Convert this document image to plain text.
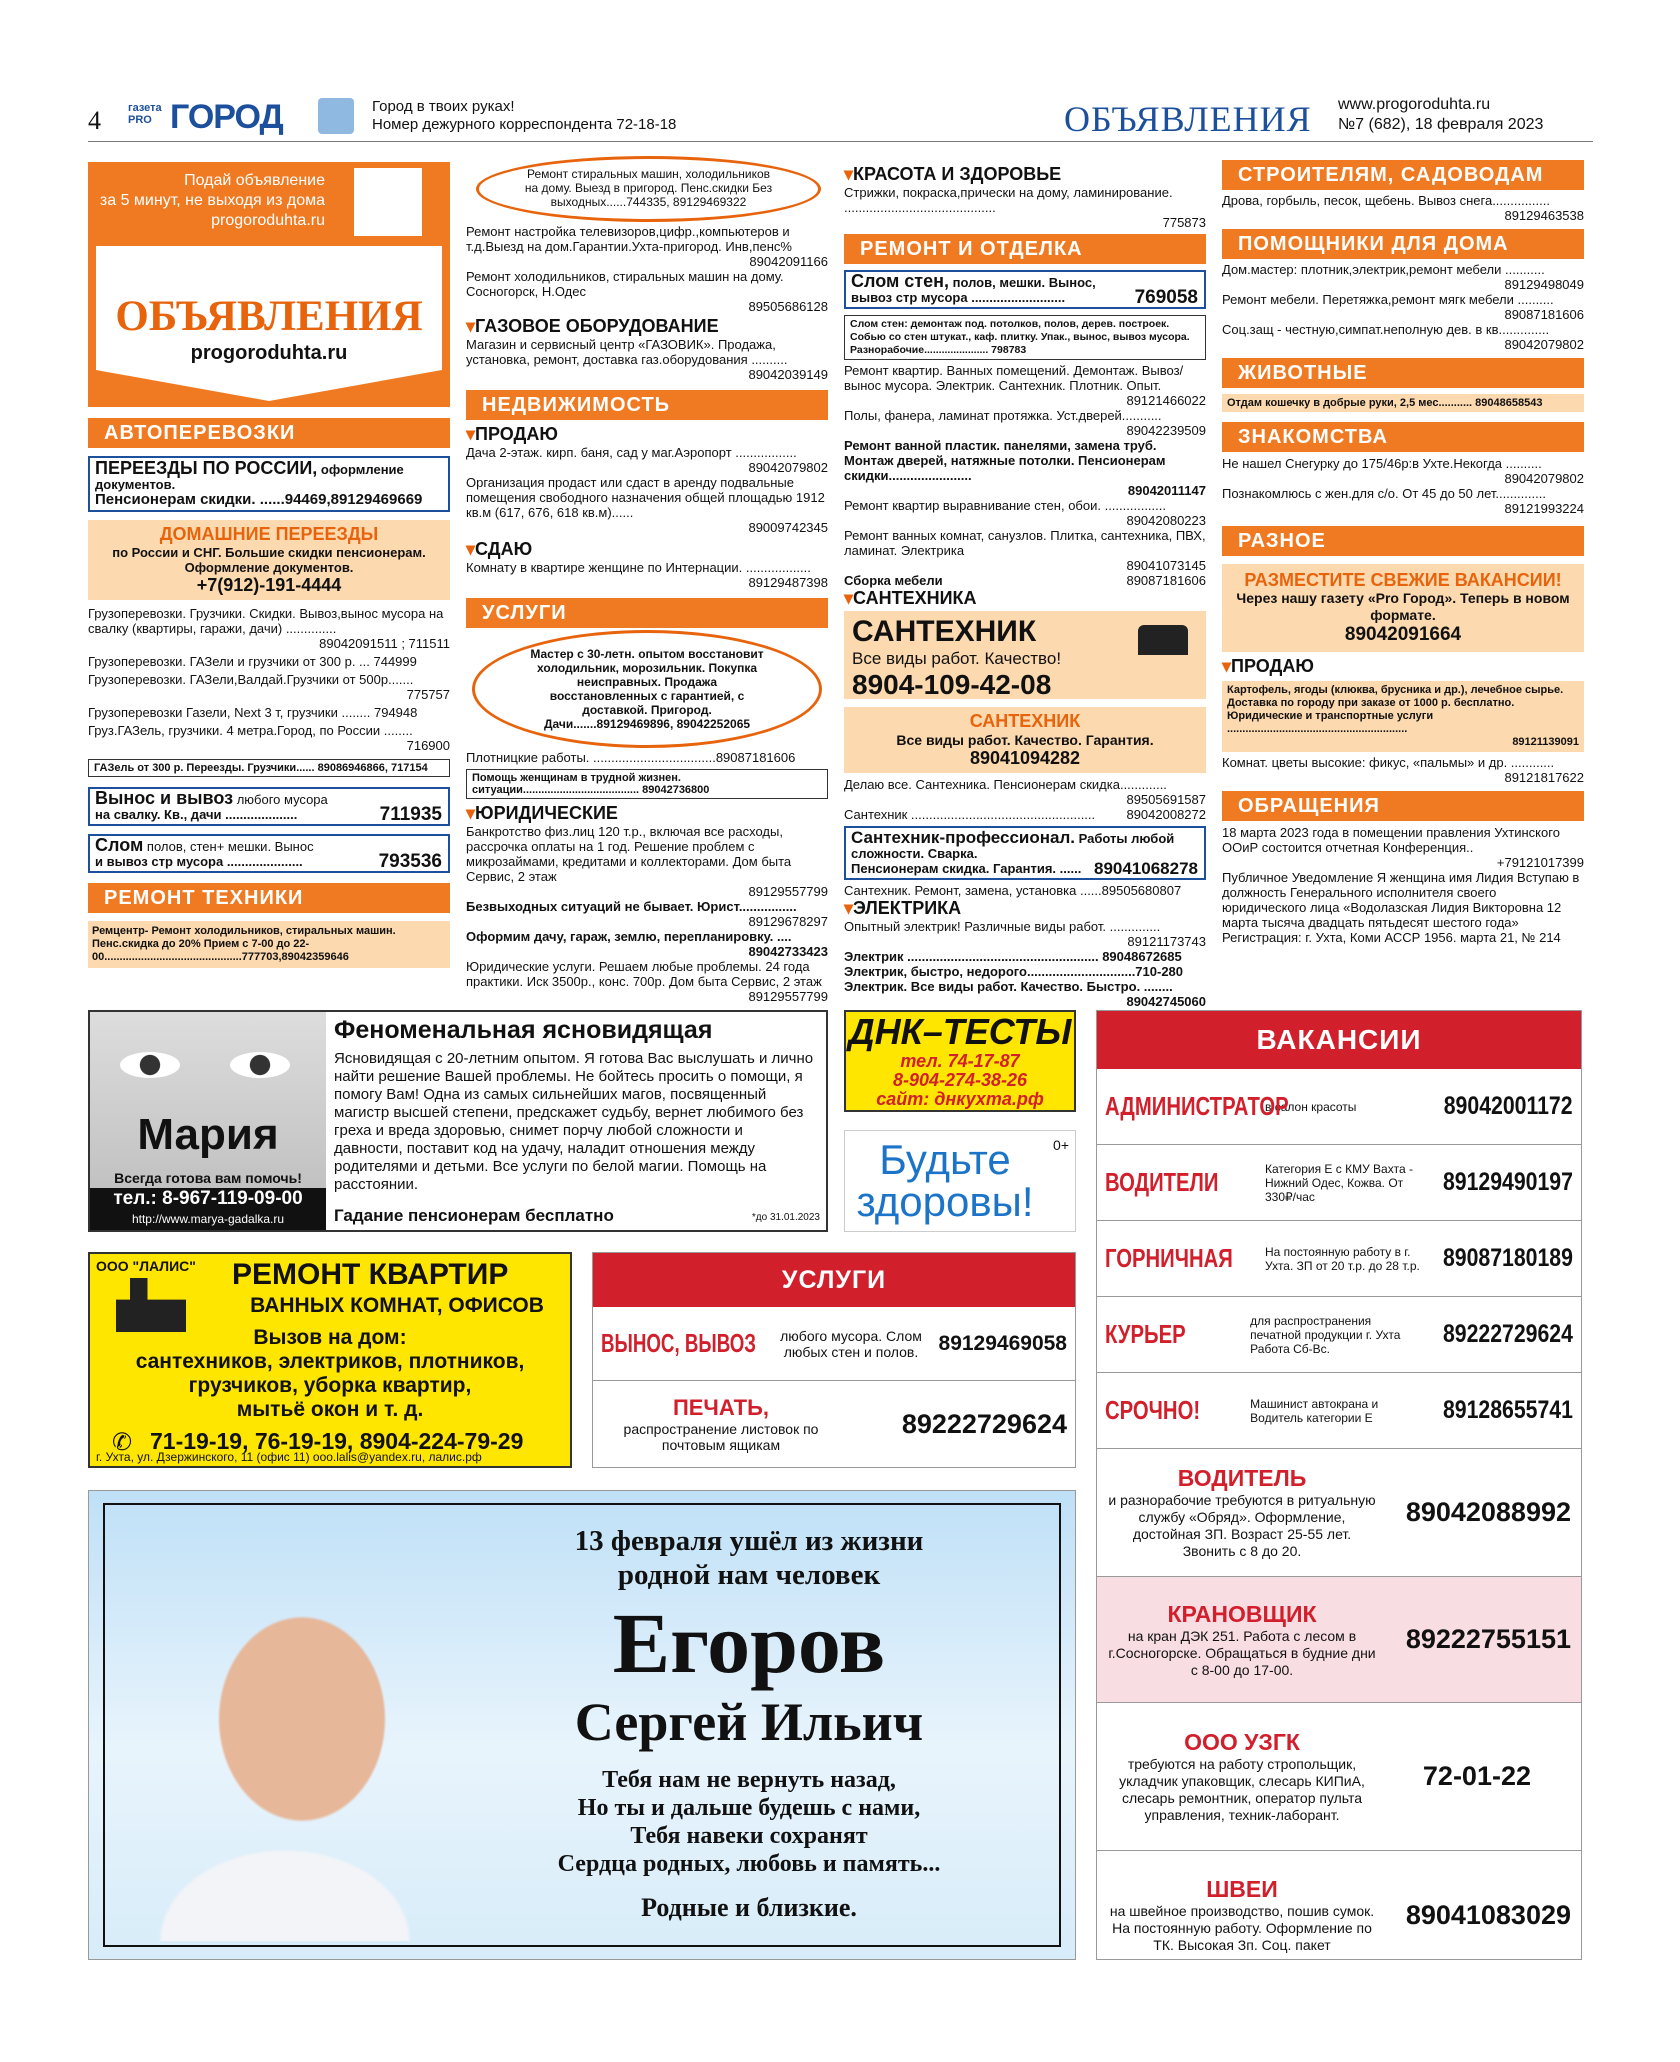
4 газета PRO ГОРОД	Город в твоих руках!
Номер дежурного корреспондента 72-18-18	ОБЪЯВЛЕНИЯ www.progoroduhta.ru
№7 (682), 18 февраля 2023
Подай объявление
за 5 минут, не выходя из дома
progoroduhta.ru
ОБЪЯВЛЕНИЯ
progoroduhta.ru
АВТОПЕРЕВОЗКИ
ПЕРЕЕЗДЫ ПО РОССИИ, оформление документов.
Пенсионерам скидки. ......94469,89129469669
ДОМАШНИЕ ПЕРЕЕЗДЫ
по России и СНГ. Большие скидки пенсионерам. Оформление документов.
+7(912)-191-4444
Грузоперевозки. Грузчики. Скидки. Вывоз,вынос мусора на свалку (квартиры, гаражи, дачи) ..............
89042091511 ; 711511
Грузоперевозки. ГАЗели и грузчики от 300 р. ... 744999
Грузоперевозки. ГАЗели,Валдай.Грузчики от 500р.......
775757
Грузоперевозки Газели, Next 3 т, грузчики ........ 794948
Груз.ГАЗель, грузчики. 4 метра.Город, по России ........
716900
ГАЗель от 300 р. Переезды. Грузчики...... 89086946866, 717154
Вынос и вывоз любого мусора
на свалку. Кв., дачи ....................	711935
Слом полов, стен+ мешки. Вынос
и вывоз стр мусора .....................	793536
РЕМОНТ ТЕХНИКИ
Ремцентр- Ремонт холодильников, стиральных машин. Пенс.скидка до 20% Прием с 7-00 до 22-00.............................................777703,89042359646
Ремонт стиральных машин, холодильников на дому. Выезд в пригород. Пенс.скидки Без выходных......744335, 89129469322
Ремонт настройка телевизоров,цифр.,компьютеров и т.д.Выезд на дом.Гарантии.Ухта-пригород. Инв,пенс%
89042091166
Ремонт холодильников, стиральных машин на дому. Сосногорск, Н.Одес
89505686128
▾ ГАЗОВОЕ ОБОРУДОВАНИЕ
Магазин и сервисный центр «ГАЗОВИК». Продажа, установка, ремонт, доставка газ.оборудования ..........
89042039149
НЕДВИЖИМОСТЬ
▾ ПРОДАЮ
Дача 2-этаж. кирп. баня, сад у маг.Аэропорт .................
89042079802
Организация продаст или сдаст в аренду подвальные помещения свободного назначения общей площадью 1912 кв.м (617, 676, 618 кв.м)......
89009742345
▾ СДАЮ
Комнату в квартире женщине по Интернации. ..................
89129487398
УСЛУГИ
Мастер с 30-летн. опытом восстановит холодильник, морозильник. Покупка неисправных. Продажа восстановленных с гарантией, с доставкой. Пригород. Дачи.......89129469896, 89042252065
Плотницкие работы. ..................................89087181606
Помощь женщинам в трудной жизнен. ситуации...................................... 89042736800
▾ ЮРИДИЧЕСКИЕ
Банкротство физ.лиц 120 т.р., включая все расходы, рассрочка оплаты на 1 год. Решение проблем с микрозаймами, кредитами и коллекторами. Дом быта Сервис, 2 этаж
89129557799
Безвыходных ситуаций не бывает. Юрист................
89129678297
Оформим дачу, гараж, землю, перепланировку. ....
89042733423
Юридические услуги. Решаем любые проблемы. 24 года практики. Иск 3500р., конс. 700р. Дом быта Сервис, 2 этаж
89129557799
▾ КРАСОТА И ЗДОРОВЬЕ
Стрижки, покраска,прически на дому, ламинирование. ..........................................
775873
РЕМОНТ И ОТДЕЛКА
Слом стен, полов, мешки. Вынос,
вывоз стр мусора ..........................	769058
Слом стен: демонтаж под. потолков, полов, дерев. построек. Собью со стен штукат., каф. плитку. Упак., вынос, вывоз мусора. Разнорабочие...................... 798783
Ремонт квартир. Ванных помещений. Демонтаж. Вывоз/вынос мусора. Электрик. Сантехник. Плотник. Опыт.
89121466022
Полы, фанера, ламинат протяжка. Уст.дверей...........
89042239509
Ремонт ванной пластик. панелями, замена труб. Монтаж дверей, натяжные потолки. Пенсионерам скидки.......................
89042011147
Ремонт квартир выравнивание стен, обои. .................
89042080223
Ремонт ванных комнат, санузлов. Плитка, сантехника, ПВХ, ламинат. Электрика
89041073145
Сборка мебели	89087181606
▾ САНТЕХНИКА
САНТЕХНИК
Все виды работ. Качество!
8904-109-42-08
САНТЕХНИК
Все виды работ. Качество. Гарантия.
89041094282
Делаю все. Сантехника. Пенсионерам скидка.............
89505691587
Сантехник ................................................... 89042008272
Сантехник-профессионал. Работы любой сложности. Сварка.
Пенсионерам скидка. Гарантия. ...... 89041068278
Сантехник. Ремонт, замена, установка ......89505680807
▾ ЭЛЕКТРИКА
Опытный электрик! Различные виды работ. ..............
89121173743
Электрик ..................................................... 89048672685
Электрик, быстро, недорого..............................710-280
Электрик. Все виды работ. Качество. Быстро. ........
89042745060
СТРОИТЕЛЯМ, САДОВОДАМ
Дрова, горбыль, песок, щебень. Вывоз снега................
89129463538
ПОМОЩНИКИ ДЛЯ ДОМА
Дом.мастер: плотник,электрик,ремонт мебели ...........
89129498049
Ремонт мебели. Перетяжка,ремонт мягк мебели ..........
89087181606
Соц.защ - честную,симпат.неполную дев. в кв..............
89042079802
ЖИВОТНЫЕ
Отдам кошечку в добрые руки, 2,5 мес........... 89048658543
ЗНАКОМСТВА
Не нашел Снегурку до 175/46р:в Ухте.Некогда ..........
89042079802
Познакомлюсь с жен.для с/о. От 45 до 50 лет..............
89121993224
РАЗНОЕ
РАЗМЕСТИТЕ СВЕЖИЕ ВАКАНСИИ!
Через нашу газету «Pro Город». Теперь в новом формате.
89042091664
▾ ПРОДАЮ
Картофель, ягоды (клюква, брусника и др.), лечебное сырье. Доставка по городу при заказе от 1000 р. бесплатно. Юридические и транспортные услуги ...........................................................
89121139091
Комнат. цветы высокие: фикус, «пальмы» и др. ............
89121817622
ОБРАЩЕНИЯ
18 марта 2023 года в помещении правления Ухтинского ООиР состоится отчетная Конференция..
+79121017399
Публичное Уведомление Я женщина имя Лидия Вступаю в должность Генерального исполнителя своего юридического лица «Водолазская Лидия Викторовна 12 марта тысяча двадцать пятьдесят шестого года» Регистрация: г. Ухта, Коми АССР 1956. марта 21, № 214
Мария
Всегда готова вам помочь!
тел.: 8-967-119-09-00
http://www.marya-gadalka.ru
Феноменальная ясновидящая
Ясновидящая с 20-летним опытом. Я готова Вас выслушать и лично найти решение Вашей проблемы. Не бойтесь просить о помощи, я помогу Вам! Одна из самых сильнейших магов, посвященный магистр высшей степени, предскажет судьбу, вернет любимого без греха и вреда здоровью, снимет порчу любой сложности и давности, поставит код на удачу, наладит отношения между родителями и детьми. Все услуги по белой магии. Помощь на расстоянии.
Гадание пенсионерам бесплатно	*до 31.01.2023
ДНК–ТЕСТЫ
тел. 74-17-87
8-904-274-38-26
сайт: днкухта.рф
Будьте здоровы!
0+
ООО "ЛАЛИС" РЕМОНТ КВАРТИР
ВАННЫХ КОМНАТ, ОФИСОВ
Вызов на дом:
сантехников, электриков, плотников,
грузчиков, уборка квартир,
мытьё окон и т. д.
✆ 71-19-19, 76-19-19, 8904-224-79-29
г. Ухта, ул. Дзержинского, 11 (офис 11) ooo.lalis@yandex.ru, лалис.рф
УСЛУГИ
ВЫНОС, ВЫВОЗ	любого мусора. Слом любых стен и полов. 89129469058
ПЕЧАТЬ,
распространение листовок по почтовым ящикам
89222729624
ВАКАНСИИ
АДМИНИСТРАТОР
в салон красоты	89042001172
ВОДИТЕЛИ	Категория Е с КМУ Вахта - Нижний Одес, Кожва. От 330₽/час
89129490197
ГОРНИЧНАЯ	На постоянную работу в г. Ухта. ЗП от 20 т.р. до 28 т.р. 89087180189
КУРЬЕР	для распространения печатной продукции г. Ухта Работа Сб-Вс.
89222729624
СРОЧНО!	Машинист автокрана и Водитель категории Е	89128655741
ВОДИТЕЛЬ
и разнорабочие требуются в ритуальную службу «Обряд». Оформление, достойная ЗП. Возраст 25-55 лет. Звонить с 8 до 20.
89042088992
КРАНОВЩИК
на кран ДЭК 251. Работа с лесом в г.Сосногорске. Обращаться в будние дни с 8-00 до 17-00.
89222755151
ООО УЗГК
требуются на работу стропольщик, укладчик упаковщик, слесарь КИПиА, слесарь ремонтник, оператор пульта управления, техник-лаборант.
72-01-22
ШВЕИ
на швейное производство, пошив сумок. На постоянную работу. Оформление по ТК. Высокая Зп. Соц. пакет
89041083029
13 февраля ушёл из жизни
родной нам человек
Егоров
Сергей Ильич
Тебя нам не вернуть назад,
Но ты и дальше будешь с нами,
Тебя навеки сохранят
Сердца родных, любовь и память...
Родные и близкие.
